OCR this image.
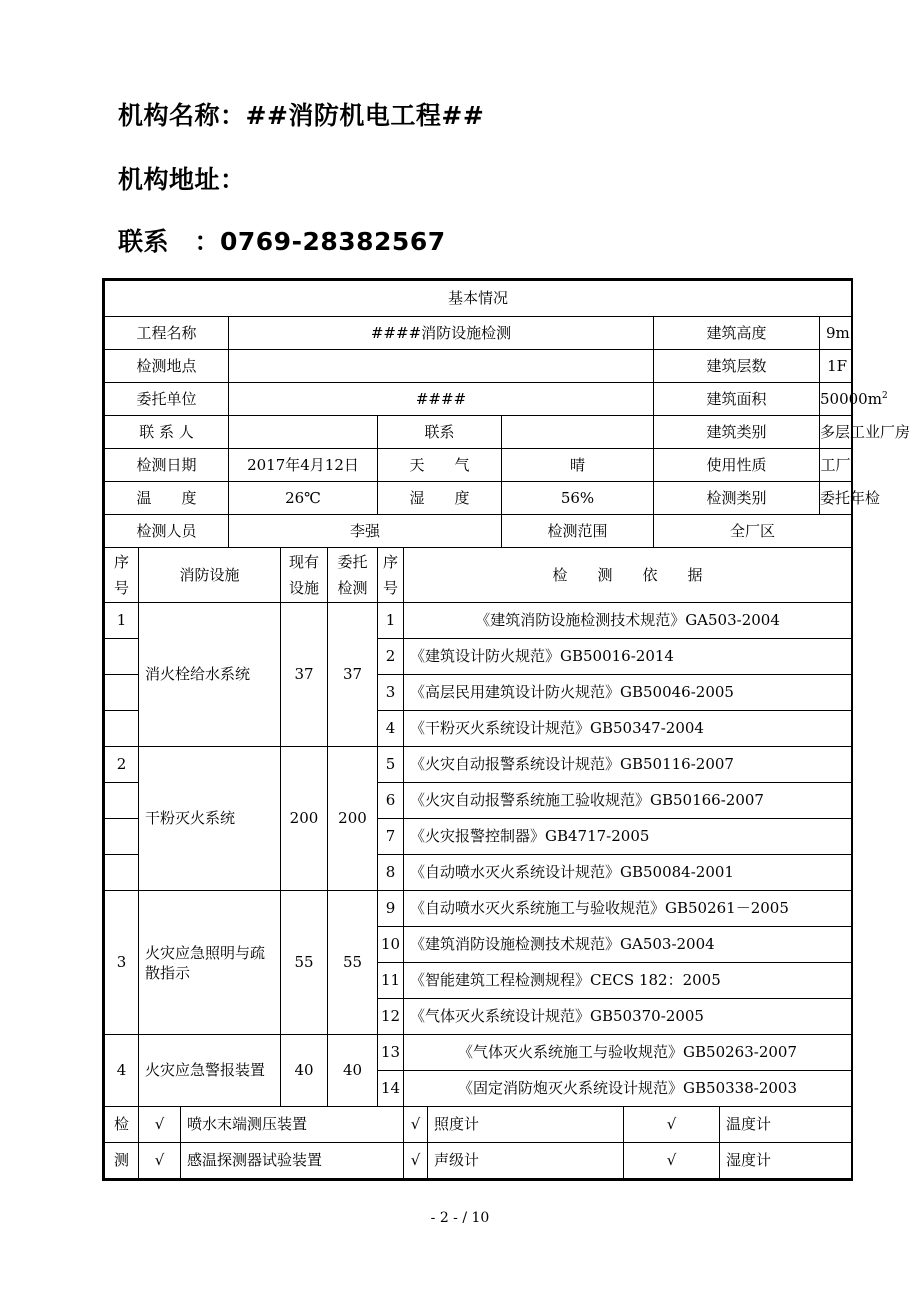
机构名称：##消防机电工程##
机构地址：
联系　：0769-28382567
基本情况													
工程名称			####消防设施检测								建筑高度		9m
检测地点											建筑层数		1F
委托单位			####								建筑面积		$50000m^2$
联 系 人						联系					建筑类别		多层工业厂房
检测日期			2017年4月12日			天　　气			晴		使用性质		工厂
温　　度			26℃			湿　　度			56%		检测类别		委托年检
检测人员			李强						检测范围		全厂区		
序号	消防设施			现有设施	委托检测	序号	检　　测　　依　　据						
1	消火栓给水系统			37	37	1	《建筑消防设施检测技术规范》GA503-2004						
						2	《建筑设计防火规范》GB50016-2014						
						3	《高层民用建筑设计防火规范》GB50046-2005						
						4	《干粉灭火系统设计规范》GB50347-2004						
2	干粉灭火系统			200	200	5	《火灾自动报警系统设计规范》GB50116-2007						
						6	《火灾自动报警系统施工验收规范》GB50166-2007						
						7	《火灾报警控制器》GB4717-2005						
						8	《自动喷水灭火系统设计规范》GB50084-2001						
3	火灾应急照明与疏散指示			55	55	9	《自动喷水灭火系统施工与验收规范》GB50261－2005						
						10	《建筑消防设施检测技术规范》GA503-2004						
						11	《智能建筑工程检测规程》CECS 182：2005						
						12	《气体灭火系统设计规范》GB50370-2005						
4	火灾应急警报装置			40	40	13	《气体灭火系统施工与验收规范》GB50263-2007						
						14	《固定消防炮灭火系统设计规范》GB50338-2003						
检	√	喷水末端测压装置					√	照度计		√		温度计	
测	√	感温探测器试验装置					√	声级计		√		湿度计	
- 2 - / 10
